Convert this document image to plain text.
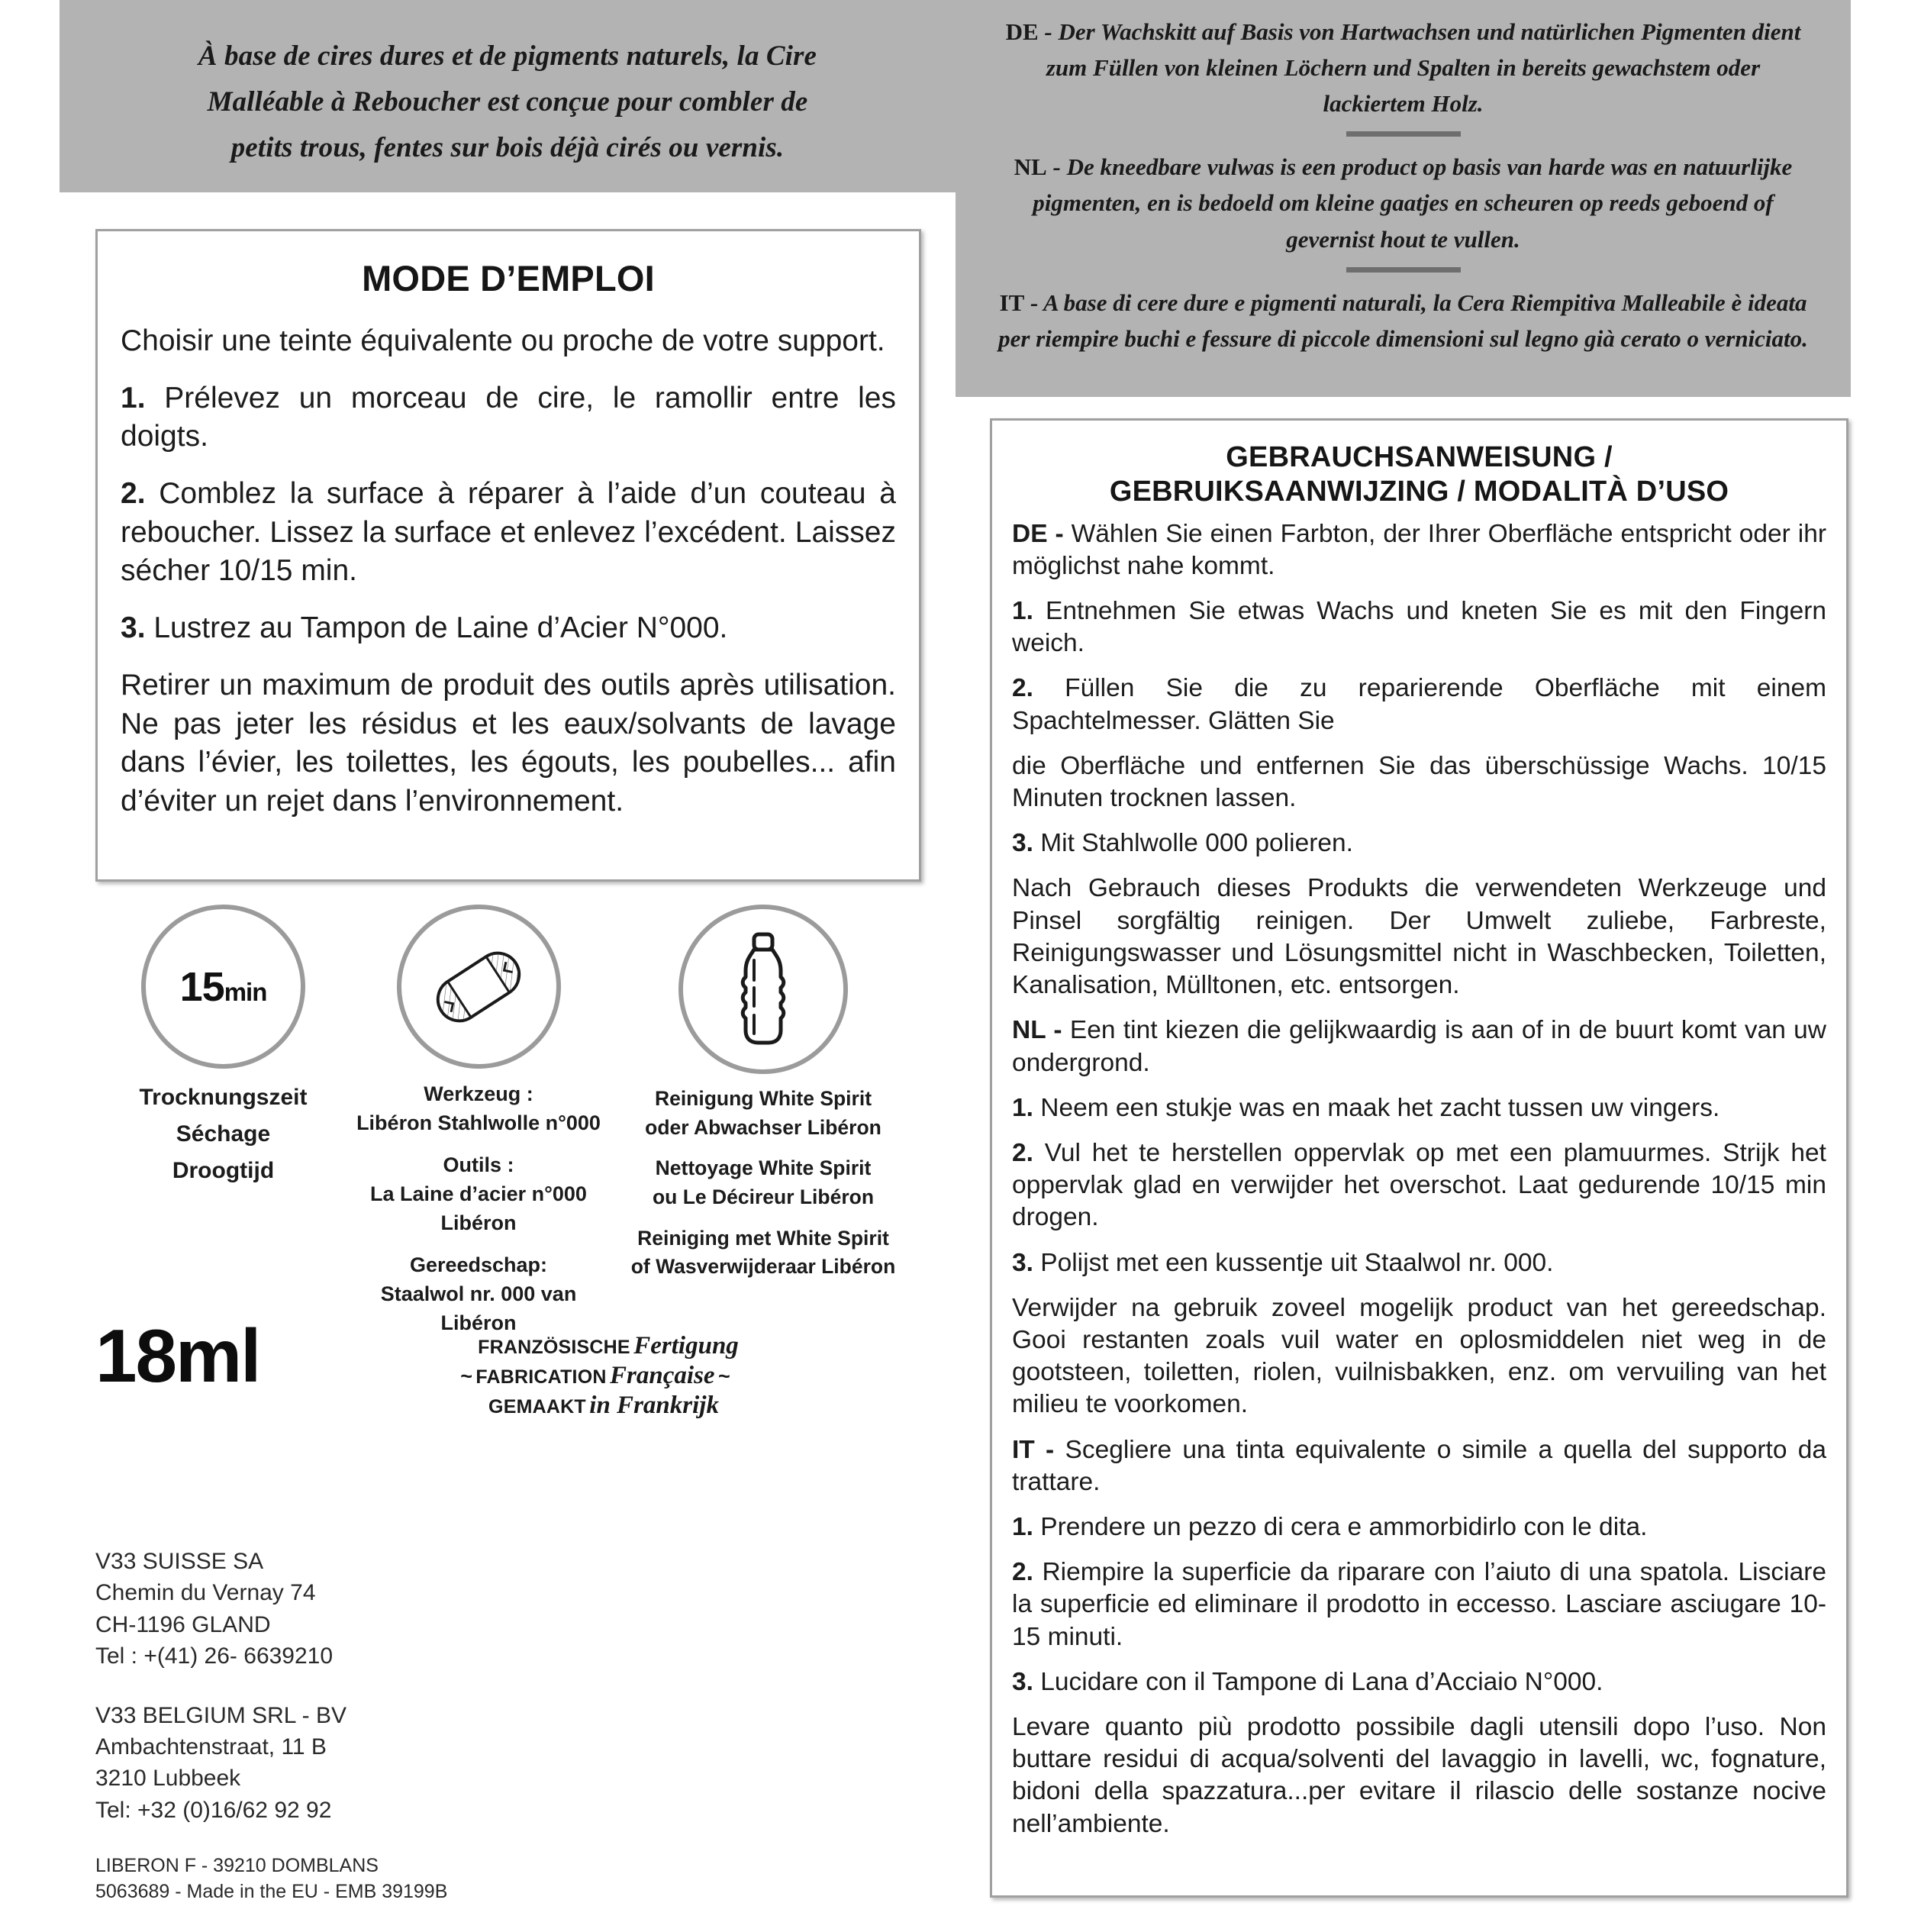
À base de cires dures et de pigments naturels, la Cire Malléable à Reboucher est conçue pour combler de petits trous, fentes sur bois déjà cirés ou vernis.
DE - Der Wachskitt auf Basis von Hartwachsen und natürlichen Pigmenten dient zum Füllen von kleinen Löchern und Spalten in bereits gewachstem oder lackiertem Holz.
NL - De kneedbare vulwas is een product op basis van harde was en natuurlijke pigmenten, en is bedoeld om kleine gaatjes en scheuren op reeds geboend of gevernist hout te vullen.
IT - A base di cere dure e pigmenti naturali, la Cera Riempitiva Malleabile è ideata per riempire buchi e fessure di piccole dimensioni sul legno già cerato o verniciato.
MODE D’EMPLOI

Choisir une teinte équivalente ou proche de votre support.

1. Prélevez un morceau de cire, le ramollir entre les doigts.

2. Comblez la surface à réparer à l’aide d’un couteau à reboucher. Lissez la surface et enlevez l’excédent. Laissez sécher 10/15 min.

3. Lustrez au Tampon de Laine d’Acier N°000.

Retirer un maximum de produit des outils après utilisation. Ne pas jeter les résidus et les eaux/solvants de lavage dans l’évier, les toilettes, les égouts, les poubelles... afin d’éviter un rejet dans l’environnement.

15min
Trocknungszeit
Séchage
Droogtijd
Werkzeug :
Libéron Stahlwolle n°000
Outils :
La Laine d’acier n°000 Libéron
Gereedschap:
Staalwol nr. 000 van Libéron
Reinigung White Spirit
oder Abwachser Libéron
Nettoyage White Spirit
ou Le Décireur Libéron
Reiniging met White Spirit
of Wasverwijderaar Libéron
18ml	FRANZÖSISCHE Fertigung
~ FABRICATION Française ~
GEMAAKT in Frankrijk
V33 SUISSE SA
Chemin du Vernay 74
CH-1196 GLAND
Tel : +(41) 26- 6639210
V33 BELGIUM SRL - BV
Ambachtenstraat, 11 B
3210 Lubbeek
Tel: +32 (0)16/62 92 92
LIBERON F - 39210 DOMBLANS
5063689 - Made in the EU - EMB 39199B
GEBRAUCHSANWEISUNG /
GEBRUIKSAANWIJZING / MODALITÀ D’USO

DE - Wählen Sie einen Farbton, der Ihrer Oberfläche entspricht oder ihr möglichst nahe kommt.

1. Entnehmen Sie etwas Wachs und kneten Sie es mit den Fingern weich.

2. Füllen Sie die zu reparierende Oberfläche mit einem Spachtelmesser. Glätten Sie

die Oberfläche und entfernen Sie das überschüssige Wachs. 10/15 Minuten trocknen lassen.

3. Mit Stahlwolle 000 polieren.

Nach Gebrauch dieses Produkts die verwendeten Werkzeuge und Pinsel sorgfältig reinigen. Der Umwelt zuliebe, Farbreste, Reinigungswasser und Lösungsmittel nicht in Waschbecken, Toiletten, Kanalisation, Mülltonen, etc. entsorgen.

NL - Een tint kiezen die gelijkwaardig is aan of in de buurt komt van uw ondergrond.

1. Neem een stukje was en maak het zacht tussen uw vingers.

2. Vul het te herstellen oppervlak op met een plamuurmes. Strijk het oppervlak glad en verwijder het overschot. Laat gedurende 10/15 min drogen.

3. Polijst met een kussentje uit Staalwol nr. 000.

Verwijder na gebruik zoveel mogelijk product van het gereedschap. Gooi restanten zoals vuil water en oplosmiddelen niet weg in de gootsteen, toiletten, riolen, vuilnisbakken, enz. om vervuiling van het milieu te voorkomen.

IT - Scegliere una tinta equivalente o simile a quella del supporto da trattare.

1. Prendere un pezzo di cera e ammorbidirlo con le dita.

2. Riempire la superficie da riparare con l’aiuto di una spatola. Lisciare la superficie ed eliminare il prodotto in eccesso. Lasciare asciugare 10-15 minuti.

3. Lucidare con il Tampone di Lana d’Acciaio N°000.

Levare quanto più prodotto possibile dagli utensili dopo l’uso. Non buttare residui di acqua/solventi del lavaggio in lavelli, wc, fognature, bidoni della spazzatura...per evitare il rilascio delle sostanze nocive nell’ambiente.
